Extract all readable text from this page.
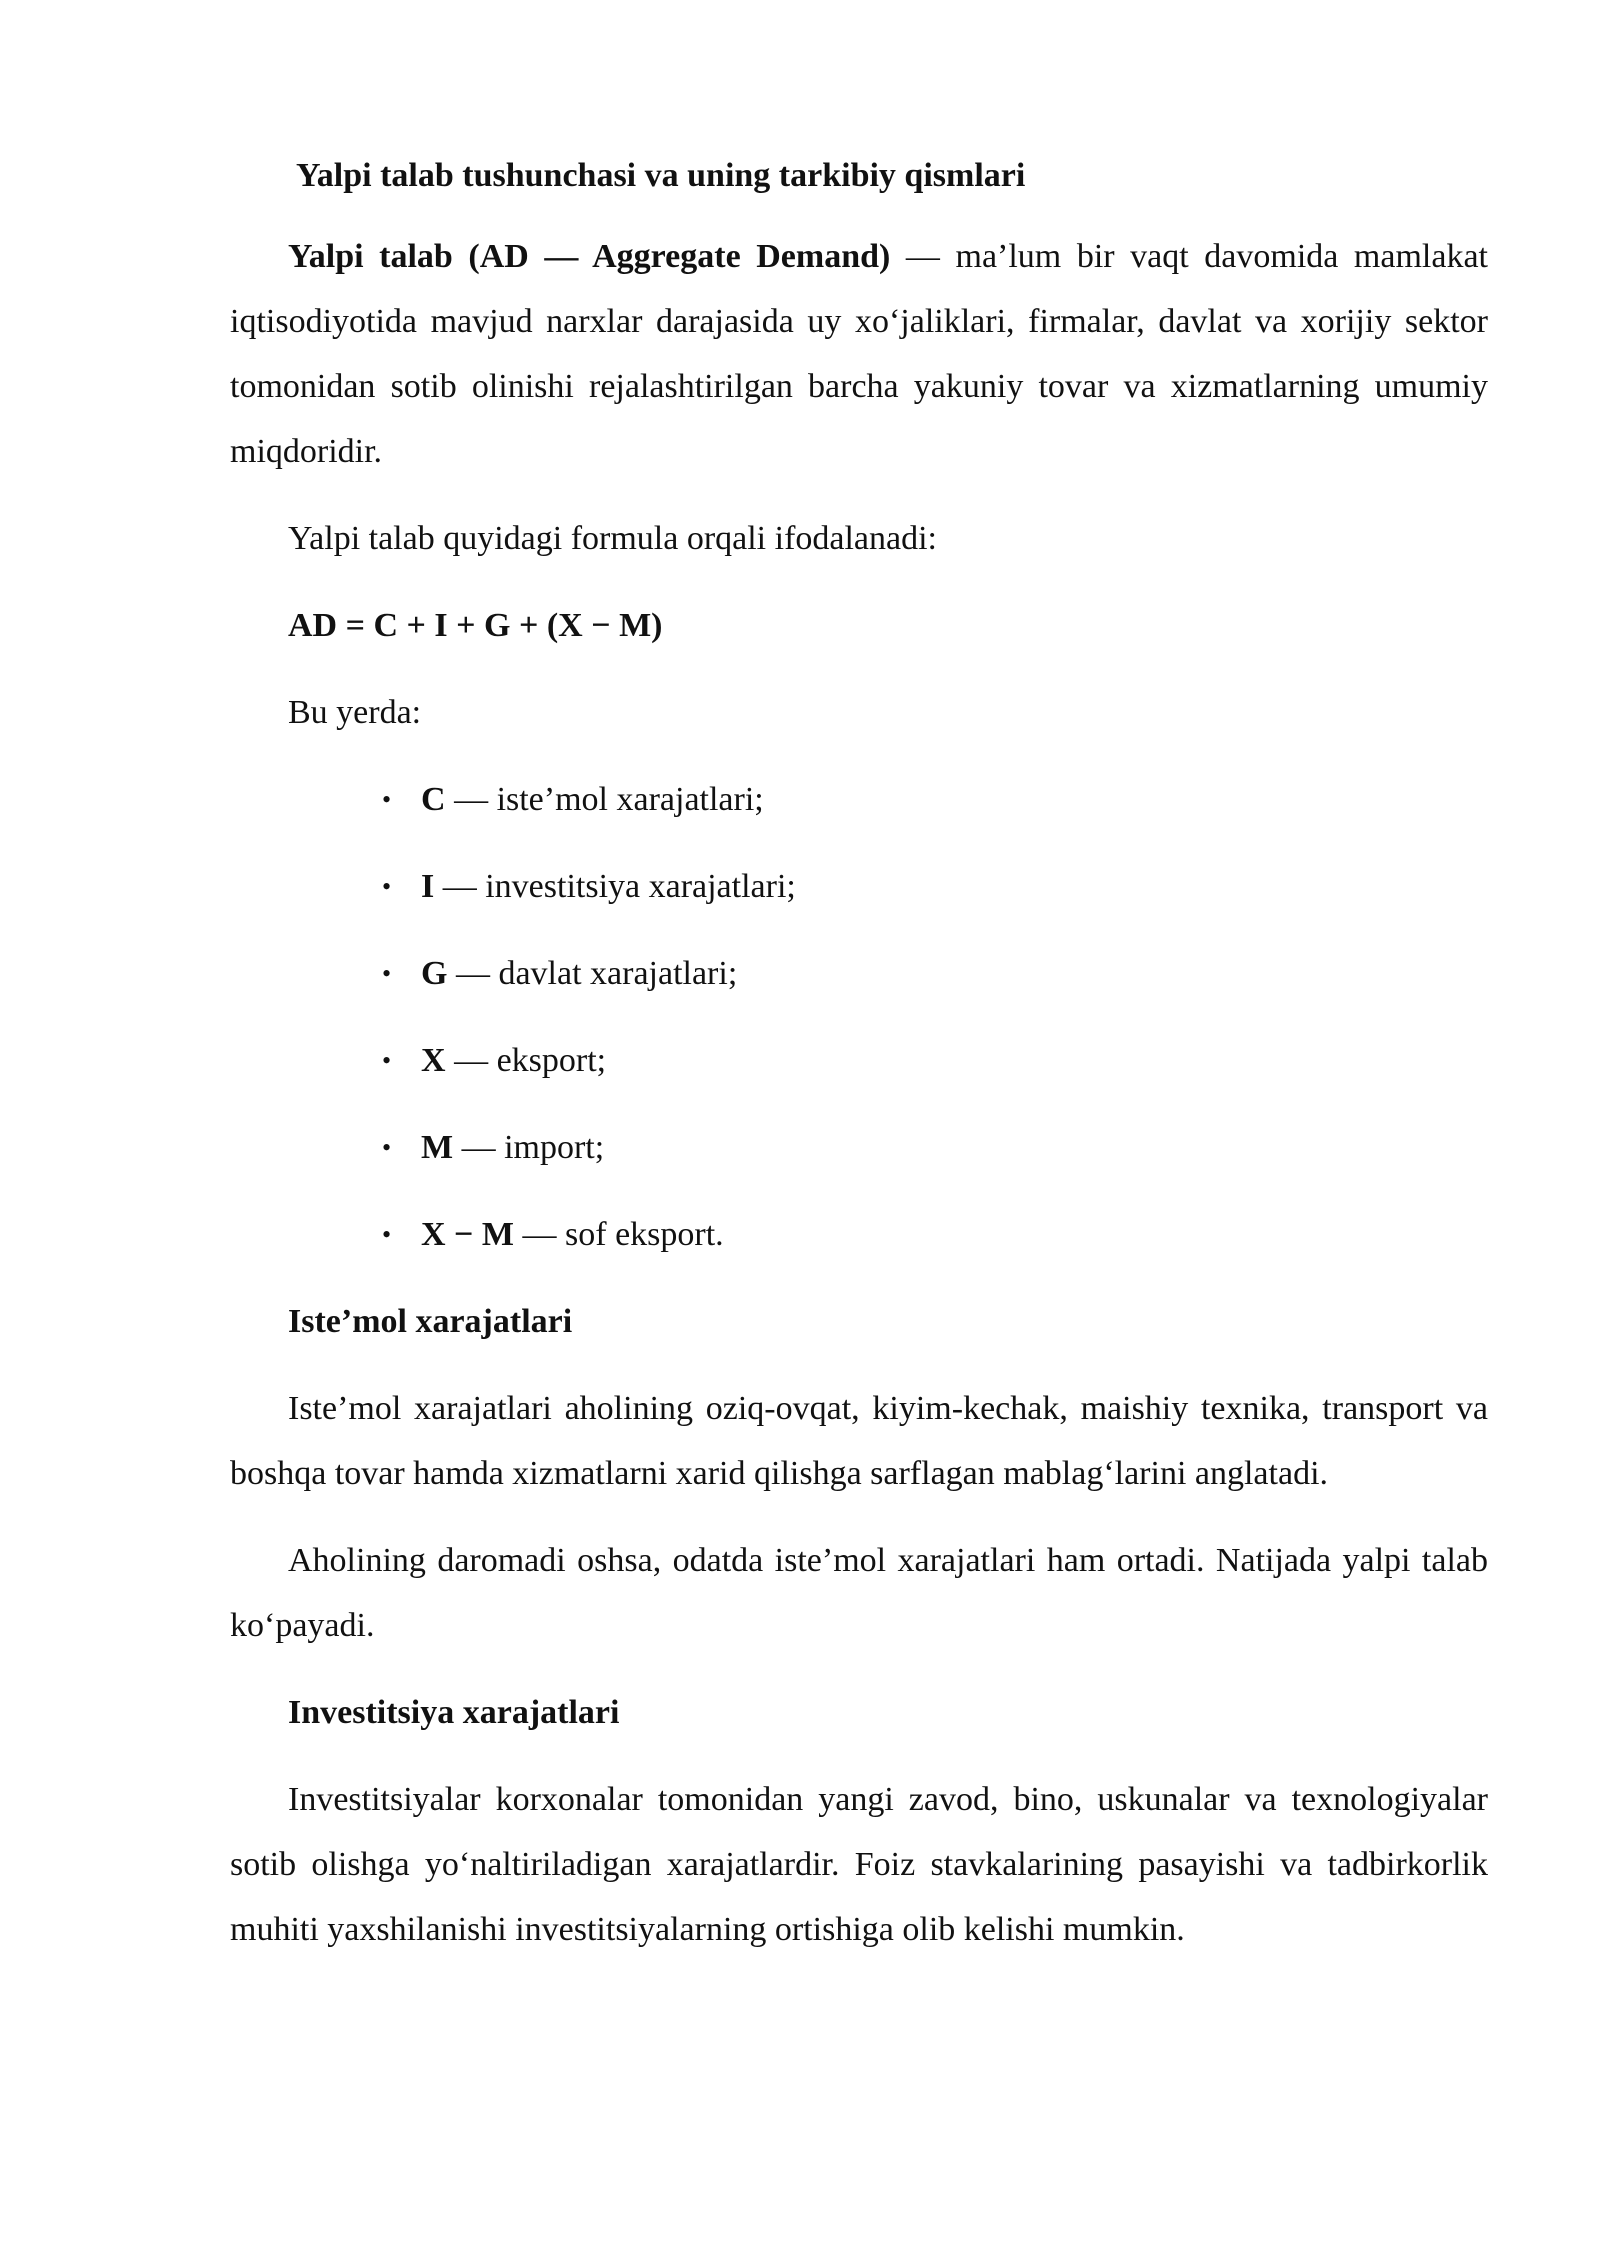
Yalpi talab tushunchasi va uning tarkibiy qismlari
Yalpi talab (AD — Aggregate Demand) — ma’lum bir vaqt davomida mamlakat iqtisodiyotida mavjud narxlar darajasida uy xo‘jaliklari, firmalar, davlat va xorijiy sektor tomonidan sotib olinishi rejalashtirilgan barcha yakuniy tovar va xizmatlarning umumiy miqdoridir.
Yalpi talab quyidagi formula orqali ifodalanadi:
AD = C + I + G + (X − M)
Bu yerda:
• C — iste’mol xarajatlari;
• I — investitsiya xarajatlari;
• G — davlat xarajatlari;
• X — eksport;
• M — import;
• X − M — sof eksport.
Iste’mol xarajatlari
Iste’mol xarajatlari aholining oziq-ovqat, kiyim-kechak, maishiy texnika, transport va boshqa tovar hamda xizmatlarni xarid qilishga sarflagan mablag‘larini anglatadi.
Aholining daromadi oshsa, odatda iste’mol xarajatlari ham ortadi. Natijada yalpi talab ko‘payadi.
Investitsiya xarajatlari
Investitsiyalar korxonalar tomonidan yangi zavod, bino, uskunalar va texnologiyalar sotib olishga yo‘naltiriladigan xarajatlardir. Foiz stavkalarining pasayishi va tadbirkorlik muhiti yaxshilanishi investitsiyalarning ortishiga olib kelishi mumkin.
